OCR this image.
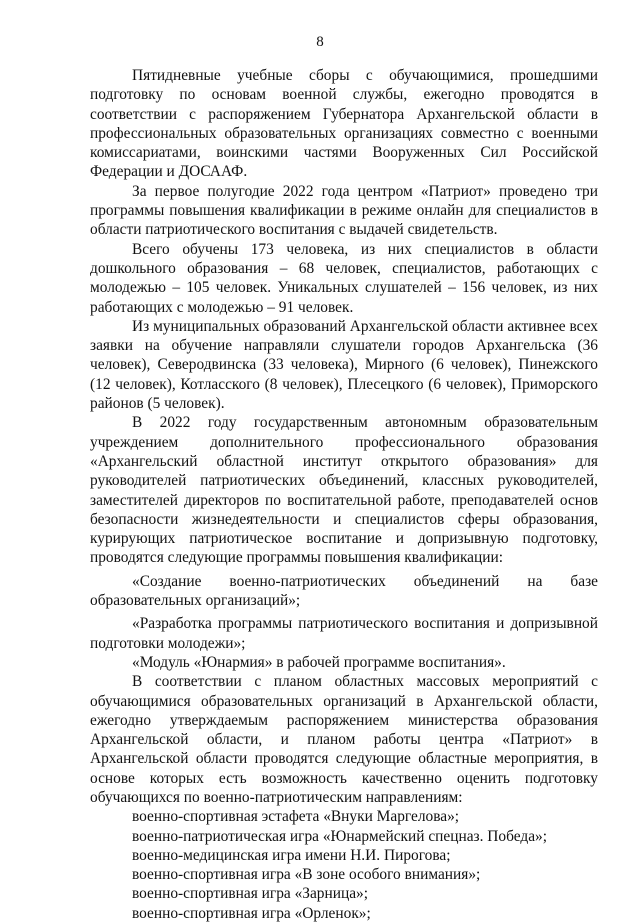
8

Пятидневные учебные сборы с обучающимися, прошедшими подготовку по основам военной службы, ежегодно проводятся в соответствии с распоряжением Губернатора Архангельской области в профессиональных образовательных организациях совместно с военными комиссариатами, воинскими частями Вооруженных Сил Российской Федерации и ДОСААФ.

За первое полугодие 2022 года центром «Патриот» проведено три программы повышения квалификации в режиме онлайн для специалистов в области патриотического воспитания с выдачей свидетельств.

Всего обучены 173 человека, из них специалистов в области дошкольного образования – 68 человек, специалистов, работающих с молодежью – 105 человек. Уникальных слушателей – 156 человек, из них работающих с молодежью – 91 человек.

Из муниципальных образований Архангельской области активнее всех заявки на обучение направляли слушатели городов Архангельска (36 человек), Северодвинска (33 человека), Мирного (6 человек), Пинежского (12 человек), Котласского (8 человек), Плесецкого (6 человек), Приморского районов (5 человек).

В 2022 году государственным автономным образовательным учреждением дополнительного профессионального образования «Архангельский областной институт открытого образования» для руководителей патриотических объединений, классных руководителей, заместителей директоров по воспитательной работе, преподавателей основ безопасности жизнедеятельности и специалистов сферы образования, курирующих патриотическое воспитание и допризывную подготовку, проводятся следующие программы повышения квалификации:

«Создание военно-патриотических объединений на базе образовательных организаций»;

«Разработка программы патриотического воспитания и допризывной подготовки молодежи»;

«Модуль «Юнармия» в рабочей программе воспитания».

В соответствии с планом областных массовых мероприятий с обучающимися образовательных организаций в Архангельской области, ежегодно утверждаемым распоряжением министерства образования Архангельской области, и планом работы центра «Патриот» в Архангельской области проводятся следующие областные мероприятия, в основе которых есть возможность качественно оценить подготовку обучающихся по военно-патриотическим направлениям:

военно-спортивная эстафета «Внуки Маргелова»;

военно-патриотическая игра «Юнармейский спецназ. Победа»;

военно-медицинская игра имени Н.И. Пирогова;

военно-спортивная игра «В зоне особого внимания»;

военно-спортивная игра «Зарница»;

военно-спортивная игра «Орленок»;
